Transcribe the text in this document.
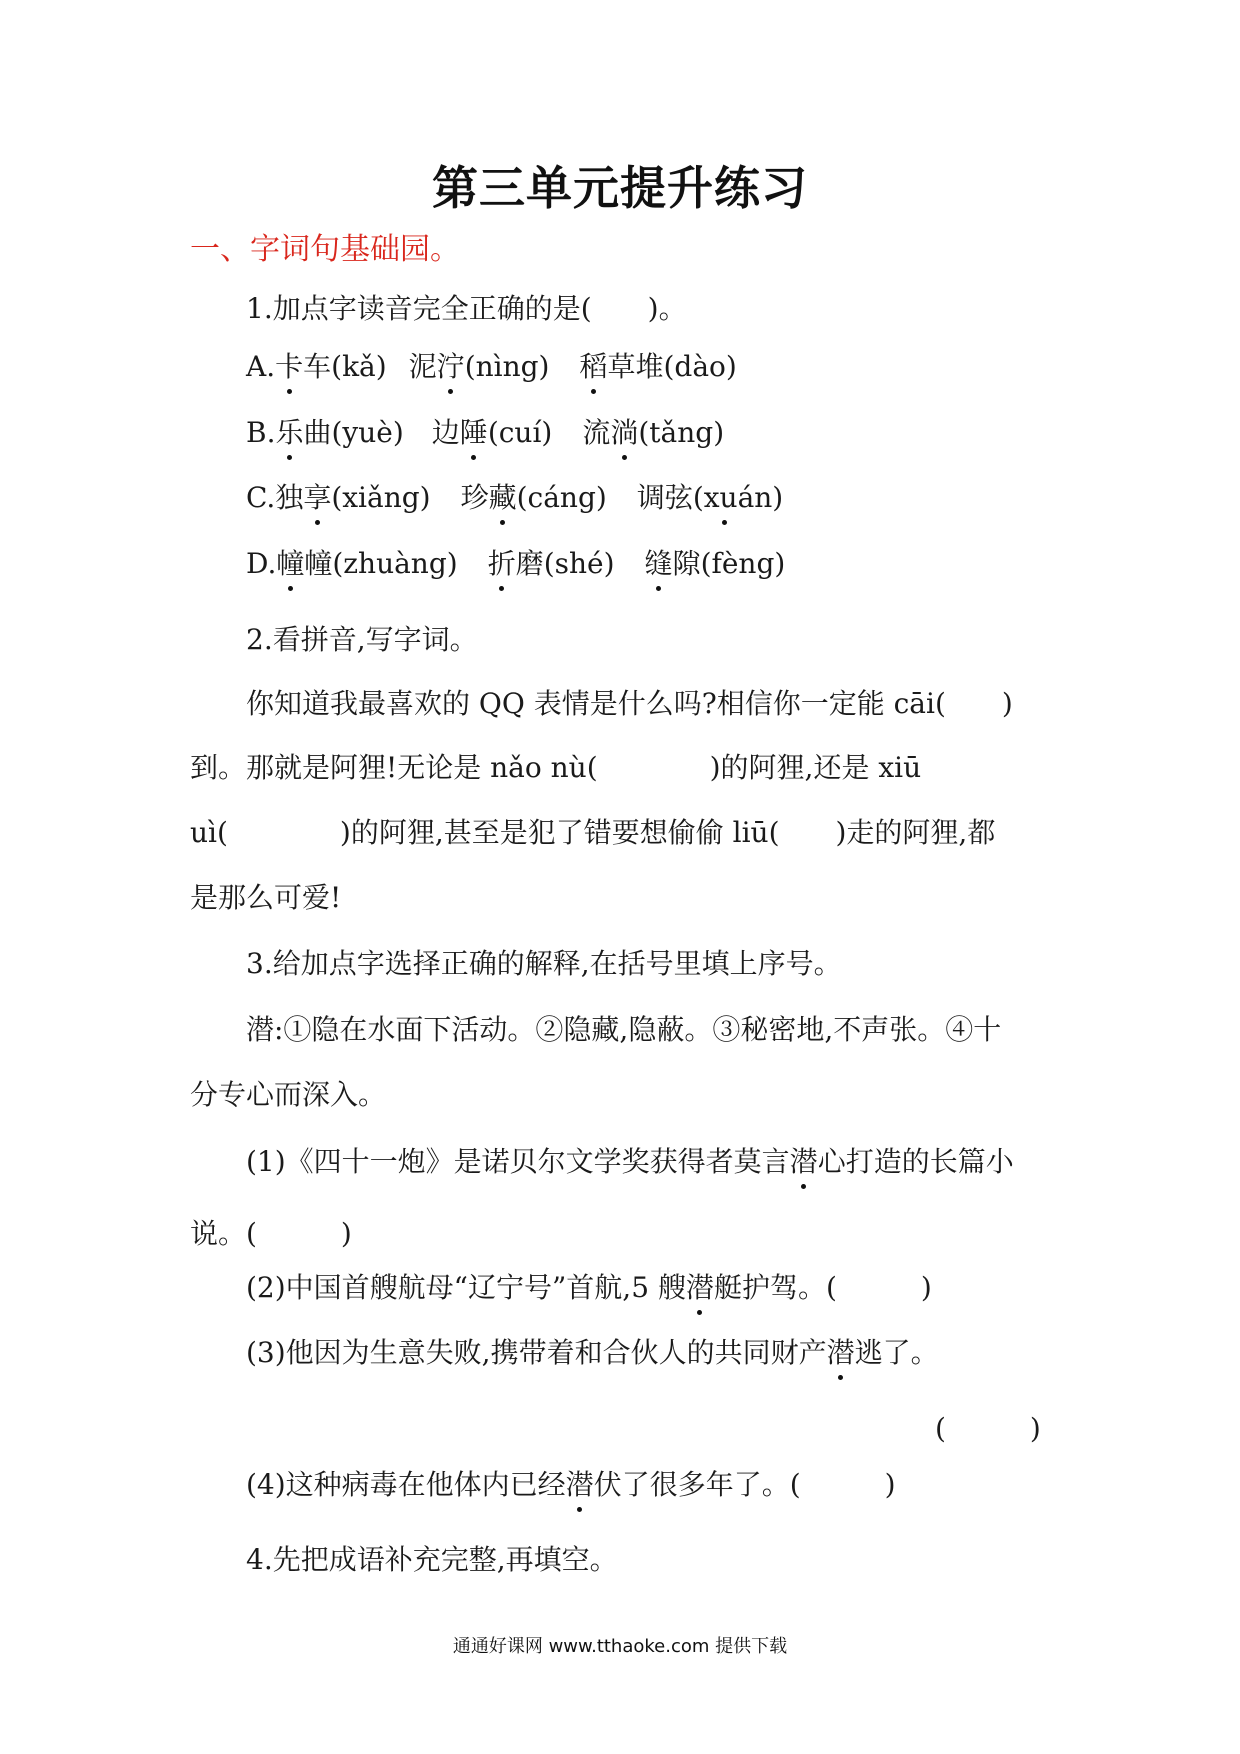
第三单元提升练习
一、字词句基础园。
1.加点字读音完全正确的是(　　)。
A.卡车(kǎ) 泥泞(nìng) 稻草堆(dào)
B.乐曲(yuè) 边陲(cuí) 流淌(tǎng)
C.独享(xiǎng) 珍藏(cáng) 调弦(xuán)
D.幢幢(zhuàng) 折磨(shé) 缝隙(fèng)
2.看拼音,写字词。
你知道我最喜欢的 QQ 表情是什么吗?相信你一定能 cāi(　　)
到。那就是阿狸!无论是 nǎo nù(　　　　)的阿狸,还是 xiū
uì(　　　　)的阿狸,甚至是犯了错要想偷偷 liū(　　)走的阿狸,都
是那么可爱!
3.给加点字选择正确的解释,在括号里填上序号。
潜:①隐在水面下活动。②隐藏,隐蔽。③秘密地,不声张。④十
分专心而深入。
(1)《四十一炮》是诺贝尔文学奖获得者莫言潜心打造的长篇小
说。(　　　)
(2)中国首艘航母“辽宁号”首航,5 艘潜艇护驾。(　　　)
(3)他因为生意失败,携带着和合伙人的共同财产潜逃了。
(　　　)
(4)这种病毒在他体内已经潜伏了很多年了。(　　　)
4.先把成语补充完整,再填空。
通通好课网 www.tthaoke.com 提供下载
